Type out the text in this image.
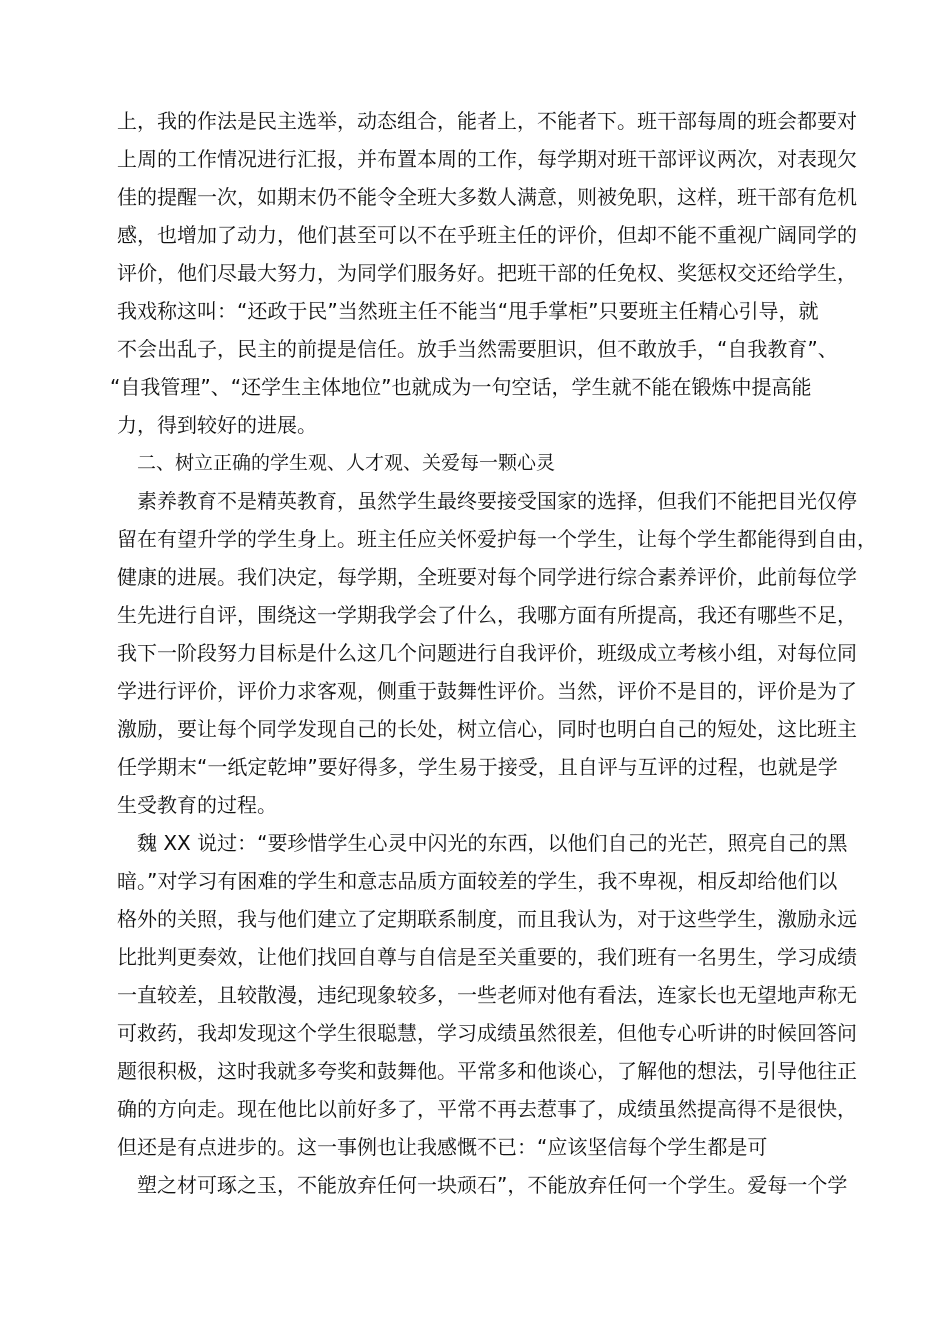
上，我的作法是民主选举，动态组合，能者上，不能者下。班干部每周的班会都要对
上周的工作情况进行汇报，并布置本周的工作，每学期对班干部评议两次，对表现欠
佳的提醒一次，如期末仍不能令全班大多数人满意，则被免职，这样，班干部有危机
感，也增加了动力，他们甚至可以不在乎班主任的评价，但却不能不重视广阔同学的
评价，他们尽最大努力，为同学们服务好。把班干部的任免权、奖惩权交还给学生，
我戏称这叫：“还政于民”当然班主任不能当“甩手掌柜”只要班主任精心引导，就
不会出乱子，民主的前提是信任。放手当然需要胆识，但不敢放手，“自我教育”、
“自我管理”、“还学生主体地位”也就成为一句空话，学生就不能在锻炼中提高能
力，得到较好的进展。
二、树立正确的学生观、人才观、关爱每一颗心灵
素养教育不是精英教育，虽然学生最终要接受国家的选择，但我们不能把目光仅停
留在有望升学的学生身上。班主任应关怀爱护每一个学生，让每个学生都能得到自由，
健康的进展。我们决定，每学期，全班要对每个同学进行综合素养评价，此前每位学
生先进行自评，围绕这一学期我学会了什么，我哪方面有所提高，我还有哪些不足，
我下一阶段努力目标是什么这几个问题进行自我评价，班级成立考核小组，对每位同
学进行评价，评价力求客观，侧重于鼓舞性评价。当然，评价不是目的，评价是为了
激励，要让每个同学发现自己的长处，树立信心，同时也明白自己的短处，这比班主
任学期末“一纸定乾坤”要好得多，学生易于接受，且自评与互评的过程，也就是学
生受教育的过程。
魏 XX 说过：“要珍惜学生心灵中闪光的东西，以他们自己的光芒，照亮自己的黑
暗。”对学习有困难的学生和意志品质方面较差的学生，我不卑视，相反却给他们以
格外的关照，我与他们建立了定期联系制度，而且我认为，对于这些学生，激励永远
比批判更奏效，让他们找回自尊与自信是至关重要的，我们班有一名男生，学习成绩
一直较差，且较散漫，违纪现象较多，一些老师对他有看法，连家长也无望地声称无
可救药，我却发现这个学生很聪慧，学习成绩虽然很差，但他专心听讲的时候回答问
题很积极，这时我就多夸奖和鼓舞他。平常多和他谈心，了解他的想法，引导他往正
确的方向走。现在他比以前好多了，平常不再去惹事了，成绩虽然提高得不是很快，
但还是有点进步的。这一事例也让我感慨不已：“应该坚信每个学生都是可
塑之材可琢之玉，不能放弃任何一块顽石”，不能放弃任何一个学生。爱每一个学
